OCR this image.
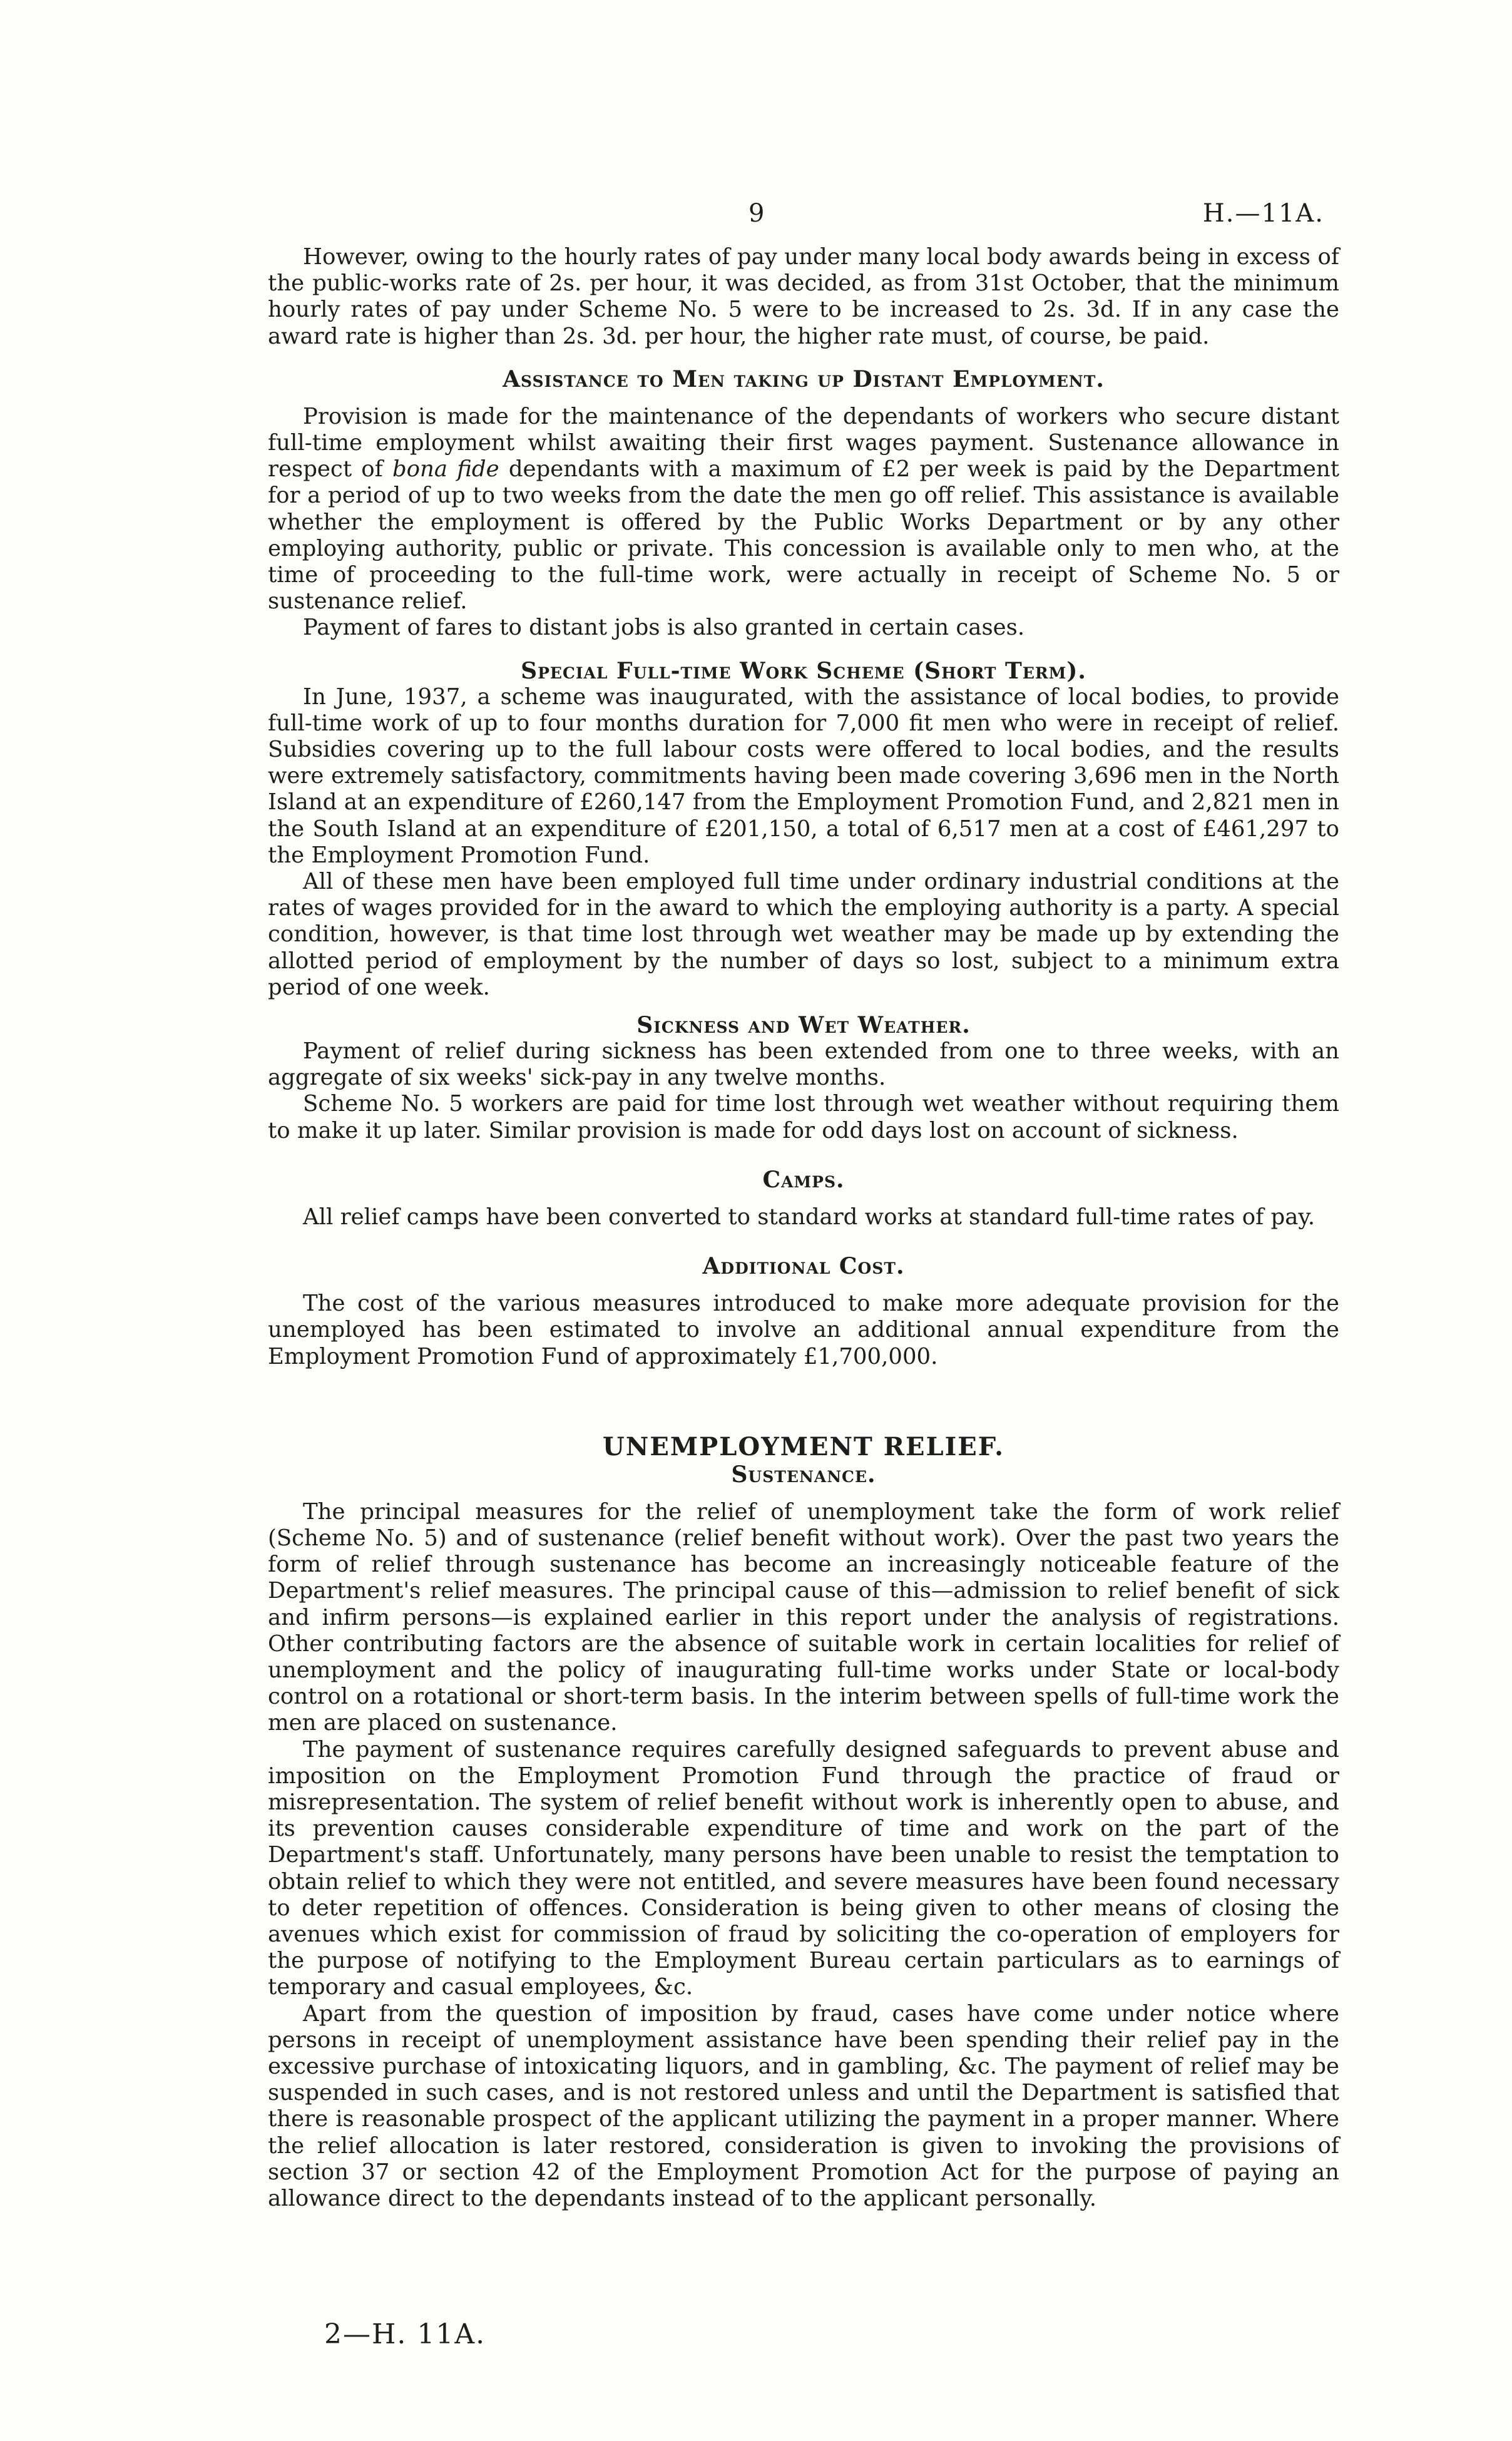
9	H.—11A.

However, owing to the hourly rates of pay under many local body awards being in excess of the public-works rate of 2s. per hour, it was decided, as from 31st October, that the minimum hourly rates of pay under Scheme No. 5 were to be increased to 2s. 3d. If in any case the award rate is higher than 2s. 3d. per hour, the higher rate must, of course, be paid.

Assistance to Men taking up Distant Employment.

Provision is made for the maintenance of the dependants of workers who secure distant full-time employment whilst awaiting their first wages payment. Sustenance allowance in respect of bona fide dependants with a maximum of £2 per week is paid by the Department for a period of up to two weeks from the date the men go off relief. This assistance is available whether the employment is offered by the Public Works Department or by any other employing authority, public or private. This concession is available only to men who, at the time of proceeding to the full-time work, were actually in receipt of Scheme No. 5 or sustenance relief.

Payment of fares to distant jobs is also granted in certain cases.

Special Full-time Work Scheme (Short Term).

In June, 1937, a scheme was inaugurated, with the assistance of local bodies, to provide full-time work of up to four months duration for 7,000 fit men who were in receipt of relief. Subsidies covering up to the full labour costs were offered to local bodies, and the results were extremely satisfactory, commitments having been made covering 3,696 men in the North Island at an expenditure of £260,147 from the Employment Promotion Fund, and 2,821 men in the South Island at an expenditure of £201,150, a total of 6,517 men at a cost of £461,297 to the Employment Promotion Fund.

All of these men have been employed full time under ordinary industrial conditions at the rates of wages provided for in the award to which the employing authority is a party. A special condition, however, is that time lost through wet weather may be made up by extending the allotted period of employment by the number of days so lost, subject to a minimum extra period of one week.

Sickness and Wet Weather.

Payment of relief during sickness has been extended from one to three weeks, with an aggregate of six weeks' sick-pay in any twelve months.

Scheme No. 5 workers are paid for time lost through wet weather without requiring them to make it up later. Similar provision is made for odd days lost on account of sickness.

Camps.

All relief camps have been converted to standard works at standard full-time rates of pay.

Additional Cost.

The cost of the various measures introduced to make more adequate provision for the unemployed has been estimated to involve an additional annual expenditure from the Employment Promotion Fund of approximately £1,700,000.

UNEMPLOYMENT RELIEF.
Sustenance.

The principal measures for the relief of unemployment take the form of work relief (Scheme No. 5) and of sustenance (relief benefit without work). Over the past two years the form of relief through sustenance has become an increasingly noticeable feature of the Department's relief measures. The principal cause of this—admission to relief benefit of sick and infirm persons—is explained earlier in this report under the analysis of registrations. Other contributing factors are the absence of suitable work in certain localities for relief of unemployment and the policy of inaugurating full-time works under State or local-body control on a rotational or short-term basis. In the interim between spells of full-time work the men are placed on sustenance.

The payment of sustenance requires carefully designed safeguards to prevent abuse and imposition on the Employment Promotion Fund through the practice of fraud or misrepresentation. The system of relief benefit without work is inherently open to abuse, and its prevention causes considerable expenditure of time and work on the part of the Department's staff. Unfortunately, many persons have been unable to resist the temptation to obtain relief to which they were not entitled, and severe measures have been found necessary to deter repetition of offences. Consideration is being given to other means of closing the avenues which exist for commission of fraud by soliciting the co-operation of employers for the purpose of notifying to the Employment Bureau certain particulars as to earnings of temporary and casual employees, &c.

Apart from the question of imposition by fraud, cases have come under notice where persons in receipt of unemployment assistance have been spending their relief pay in the excessive purchase of intoxicating liquors, and in gambling, &c. The payment of relief may be suspended in such cases, and is not restored unless and until the Department is satisfied that there is reasonable prospect of the applicant utilizing the payment in a proper manner. Where the relief allocation is later restored, consideration is given to invoking the provisions of section 37 or section 42 of the Employment Promotion Act for the purpose of paying an allowance direct to the dependants instead of to the applicant personally.

2—H. 11A.
